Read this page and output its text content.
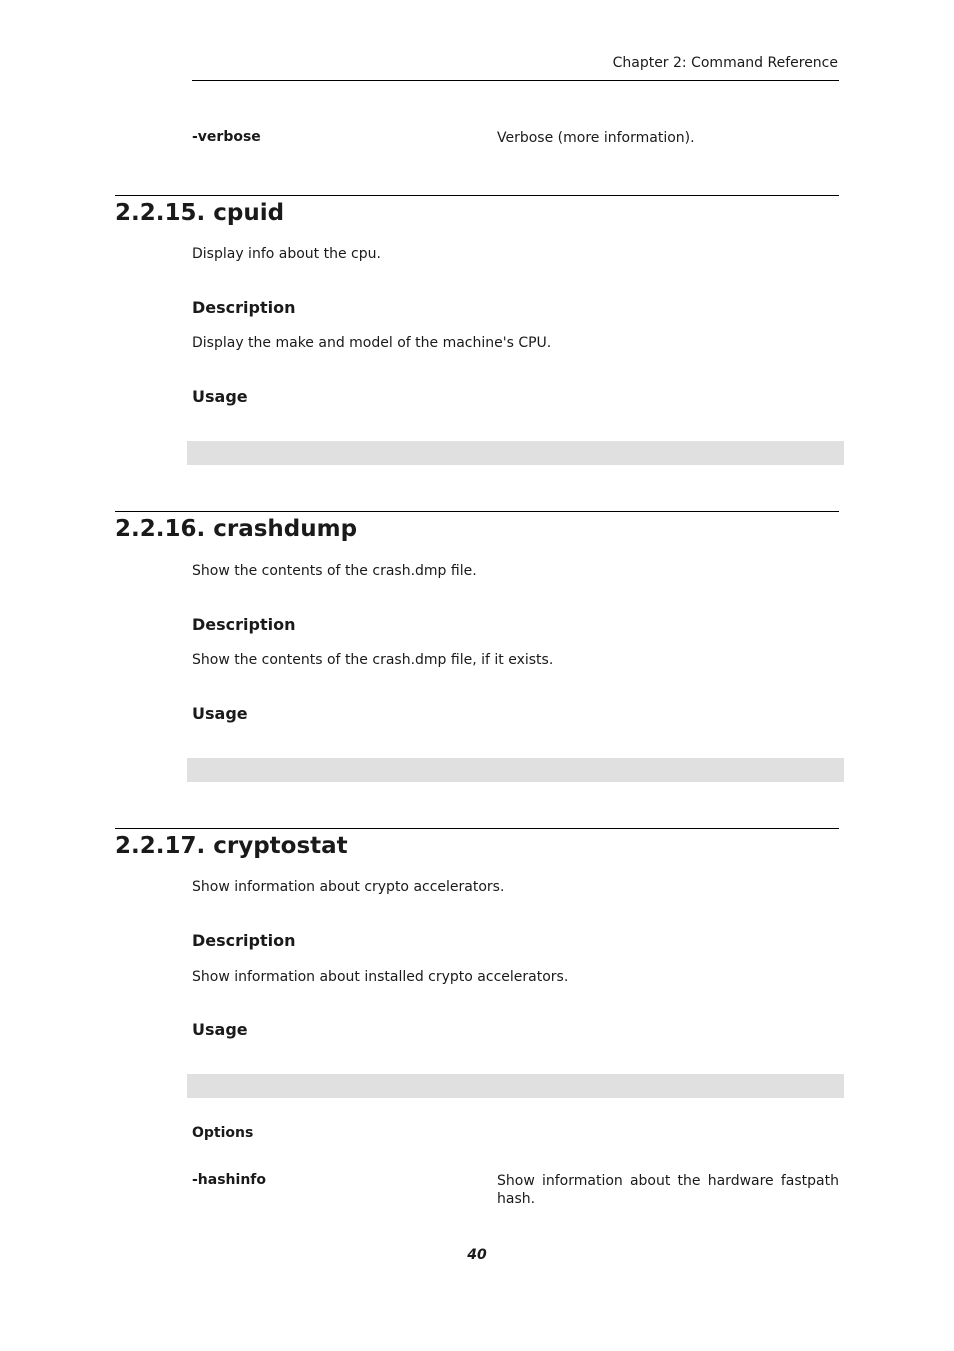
Chapter 2: Command Reference
-verbose	Verbose (more information).
2.2.15. cpuid
Display info about the cpu.
Description
Display the make and model of the machine's CPU.
Usage
2.2.16. crashdump
Show the contents of the crash.dmp file.
Description
Show the contents of the crash.dmp file, if it exists.
Usage
2.2.17. cryptostat
Show information about crypto accelerators.
Description
Show information about installed crypto accelerators.
Usage
Options
-hashinfo	Show information about the hardware fastpath hash.
40
